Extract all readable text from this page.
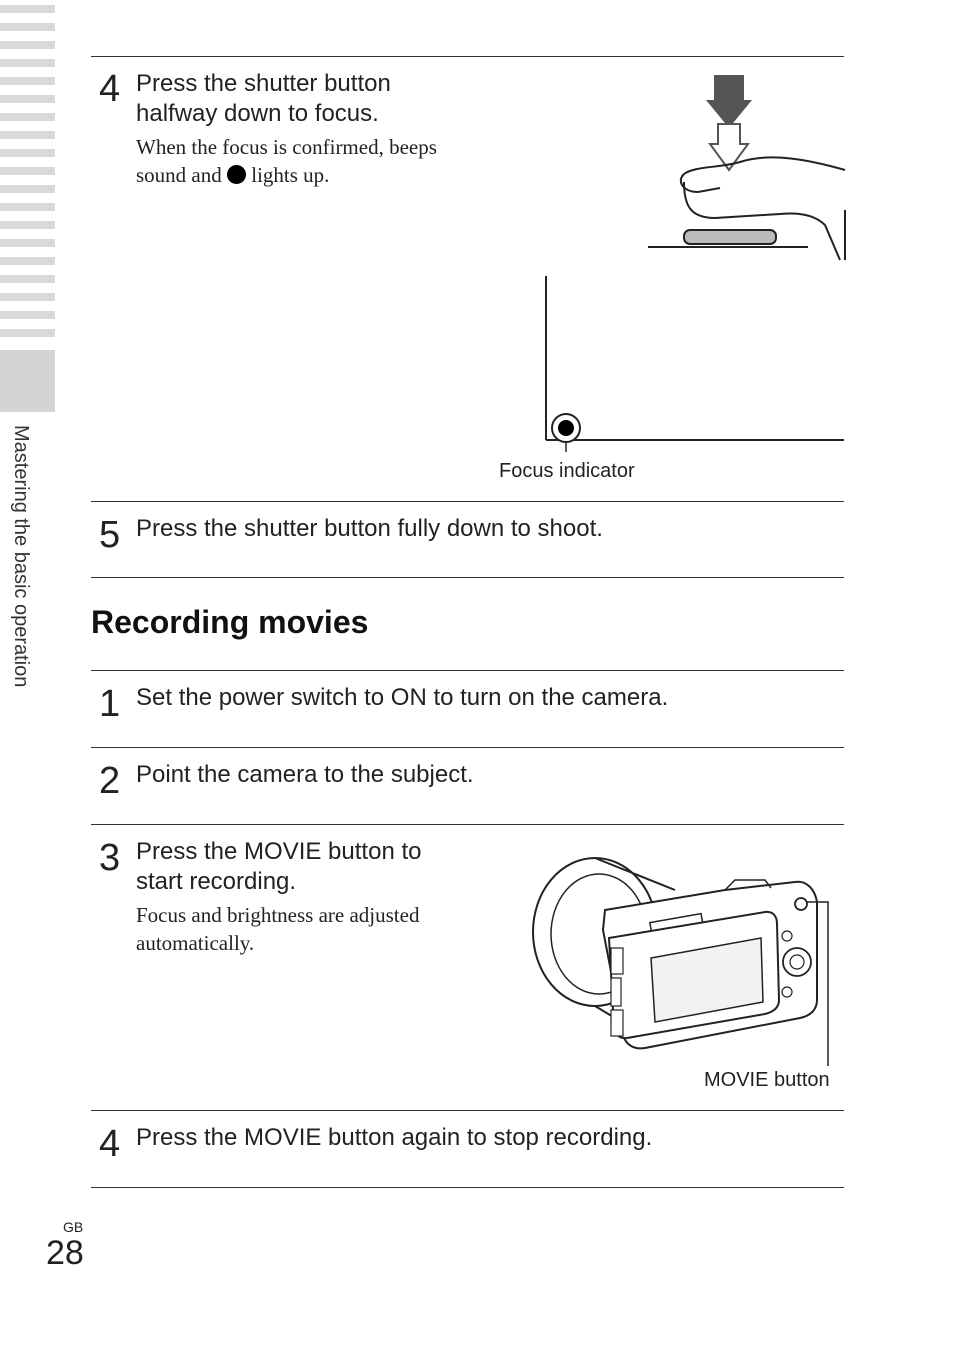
Mastering the basic operation
4 Press the shutter button
halfway down to focus.
When the focus is confirmed, beeps
sound and lights up.
Focus indicator
5 Press the shutter button fully down to shoot.
Recording movies
1 Set the power switch to ON to turn on the camera.
2 Point the camera to the subject.
3 Press the MOVIE button to
start recording.
Focus and brightness are adjusted
automatically.
MOVIE button
4 Press the MOVIE button again to stop recording.
GB
28
